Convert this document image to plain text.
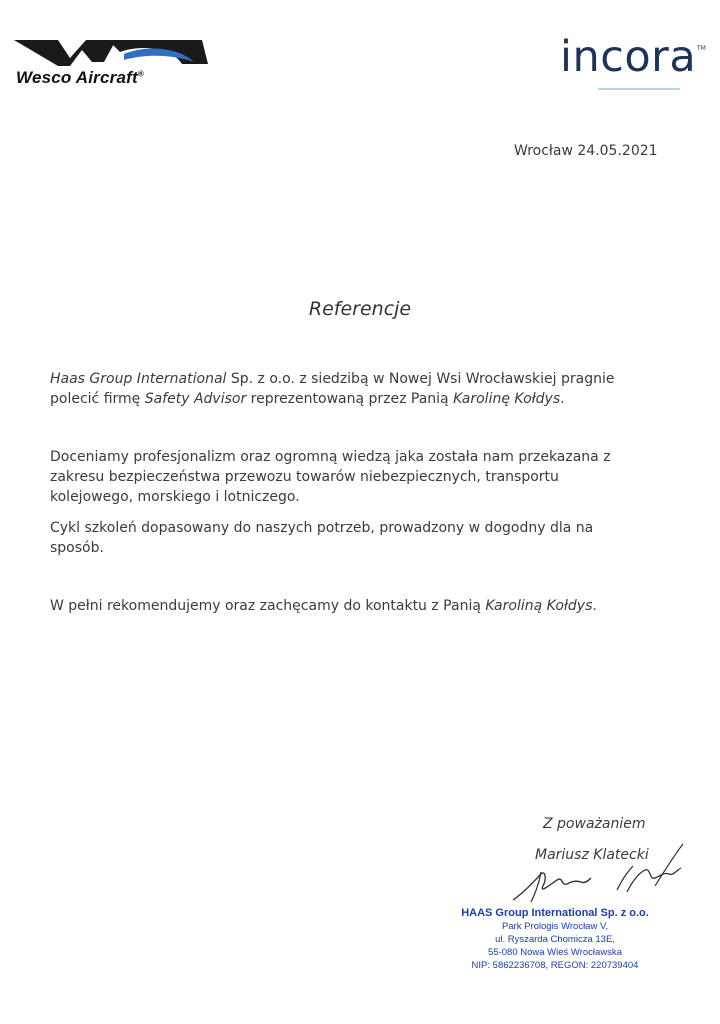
Wesco Aircraft®	incora TM
Wrocław 24.05.2021
Referencje
Haas Group International Sp. z o.o. z siedzibą w Nowej Wsi Wrocławskiej pragnie polecić firmę Safety Advisor reprezentowaną przez Panią Karolinę Kołdys.
Doceniamy profesjonalizm oraz ogromną wiedzą jaka została nam przekazana z zakresu bezpieczeństwa przewozu towarów niebezpiecznych, transportu kolejowego, morskiego i lotniczego.
Cykl szkoleń dopasowany do naszych potrzeb, prowadzony w dogodny dla na sposób.
W pełni rekomendujemy oraz zachęcamy do kontaktu z Panią Karoliną Kołdys.
Z poważaniem
Mariusz Klatecki
HAAS Group International Sp. z o.o.
Park Prologis Wrocław V,
ul. Ryszarda Chomicza 13E,
55-080 Nowa Wieś Wrocławska
NIP: 5862236708, REGON: 220739404
